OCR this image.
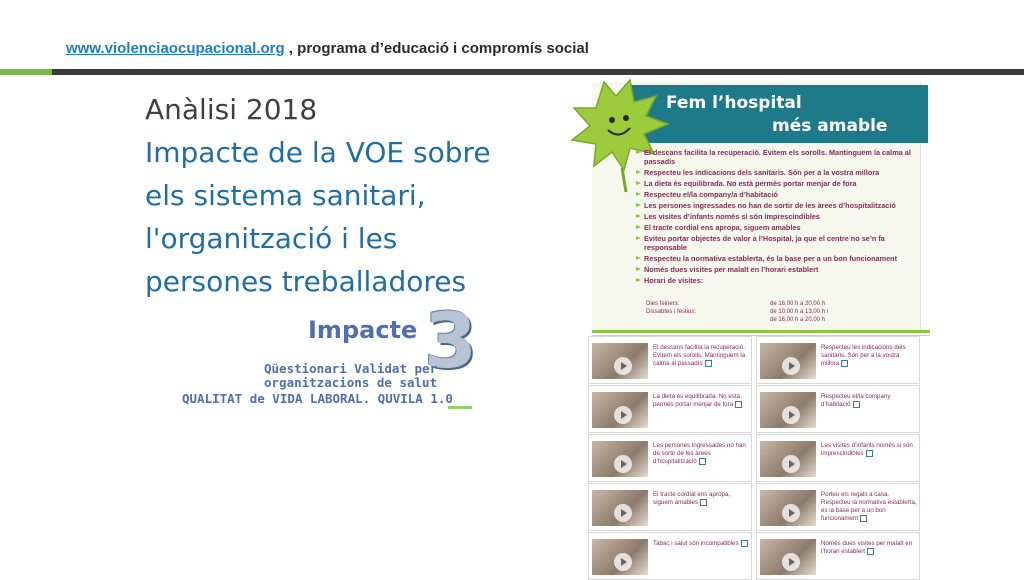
www.violenciaocupacional.org , programa d’educació i compromís social
Anàlisi 2018
Impacte de la VOE sobre
els sistema sanitari,
l'organització i les
persones treballadores
Impacte 3
Qüestionari Validat per
organitzacions de salut
QUALITAT de VIDA LABORAL. QUVILA 1.0
Fem l’hospital
més amable
El descans facilita la recuperació. Evitem els sorolls. Mantinguem la calma al passadís
Respecteu les indicacions dels sanitaris. Són per a la vostra millora
La dieta és equilibrada. No està permès portar menjar de fora
Respecteu el/la company/a d’habitació
Les persones ingressades no han de sortir de les àrees d’hospitalització
Les visites d’infants només si són imprescindibles
El tracte cordial ens apropa, siguem amables
Eviteu portar objectes de valor a l’Hospital, ja que el centre no se’n fa responsable
Respecteu la normativa establerta, és la base per a un bon funcionament
Només dues visites per malalt en l’horari establert
Horari de visites:
Dies feiners:
Dissabtes i festius:
de 16,00 h a 20,00 h
de 10,00 h a 13,00 h i
de 16,00 h a 20,00 h
El descans facilita la recuperació. Evitem els sorolls. Mantinguem la calma al passadís
Respecteu les indicacions dels sanitaris. Són per a la vostra millora
La dieta és equilibrada. No està permès portar menjar de fora
Respecteu el/la company d’habitació
Les persones ingressades no han de sortir de les àrees d’hospitalització
Les visites d’infants només si són imprescindibles
El tracte cordial ens apropa, siguem amables
Porteu els regals a casa. Respecteu la normativa establerta, és la base per a un bon funcionament
Tabac i salut són incompatibles	Només dues visites per malalt en l’horari establert
